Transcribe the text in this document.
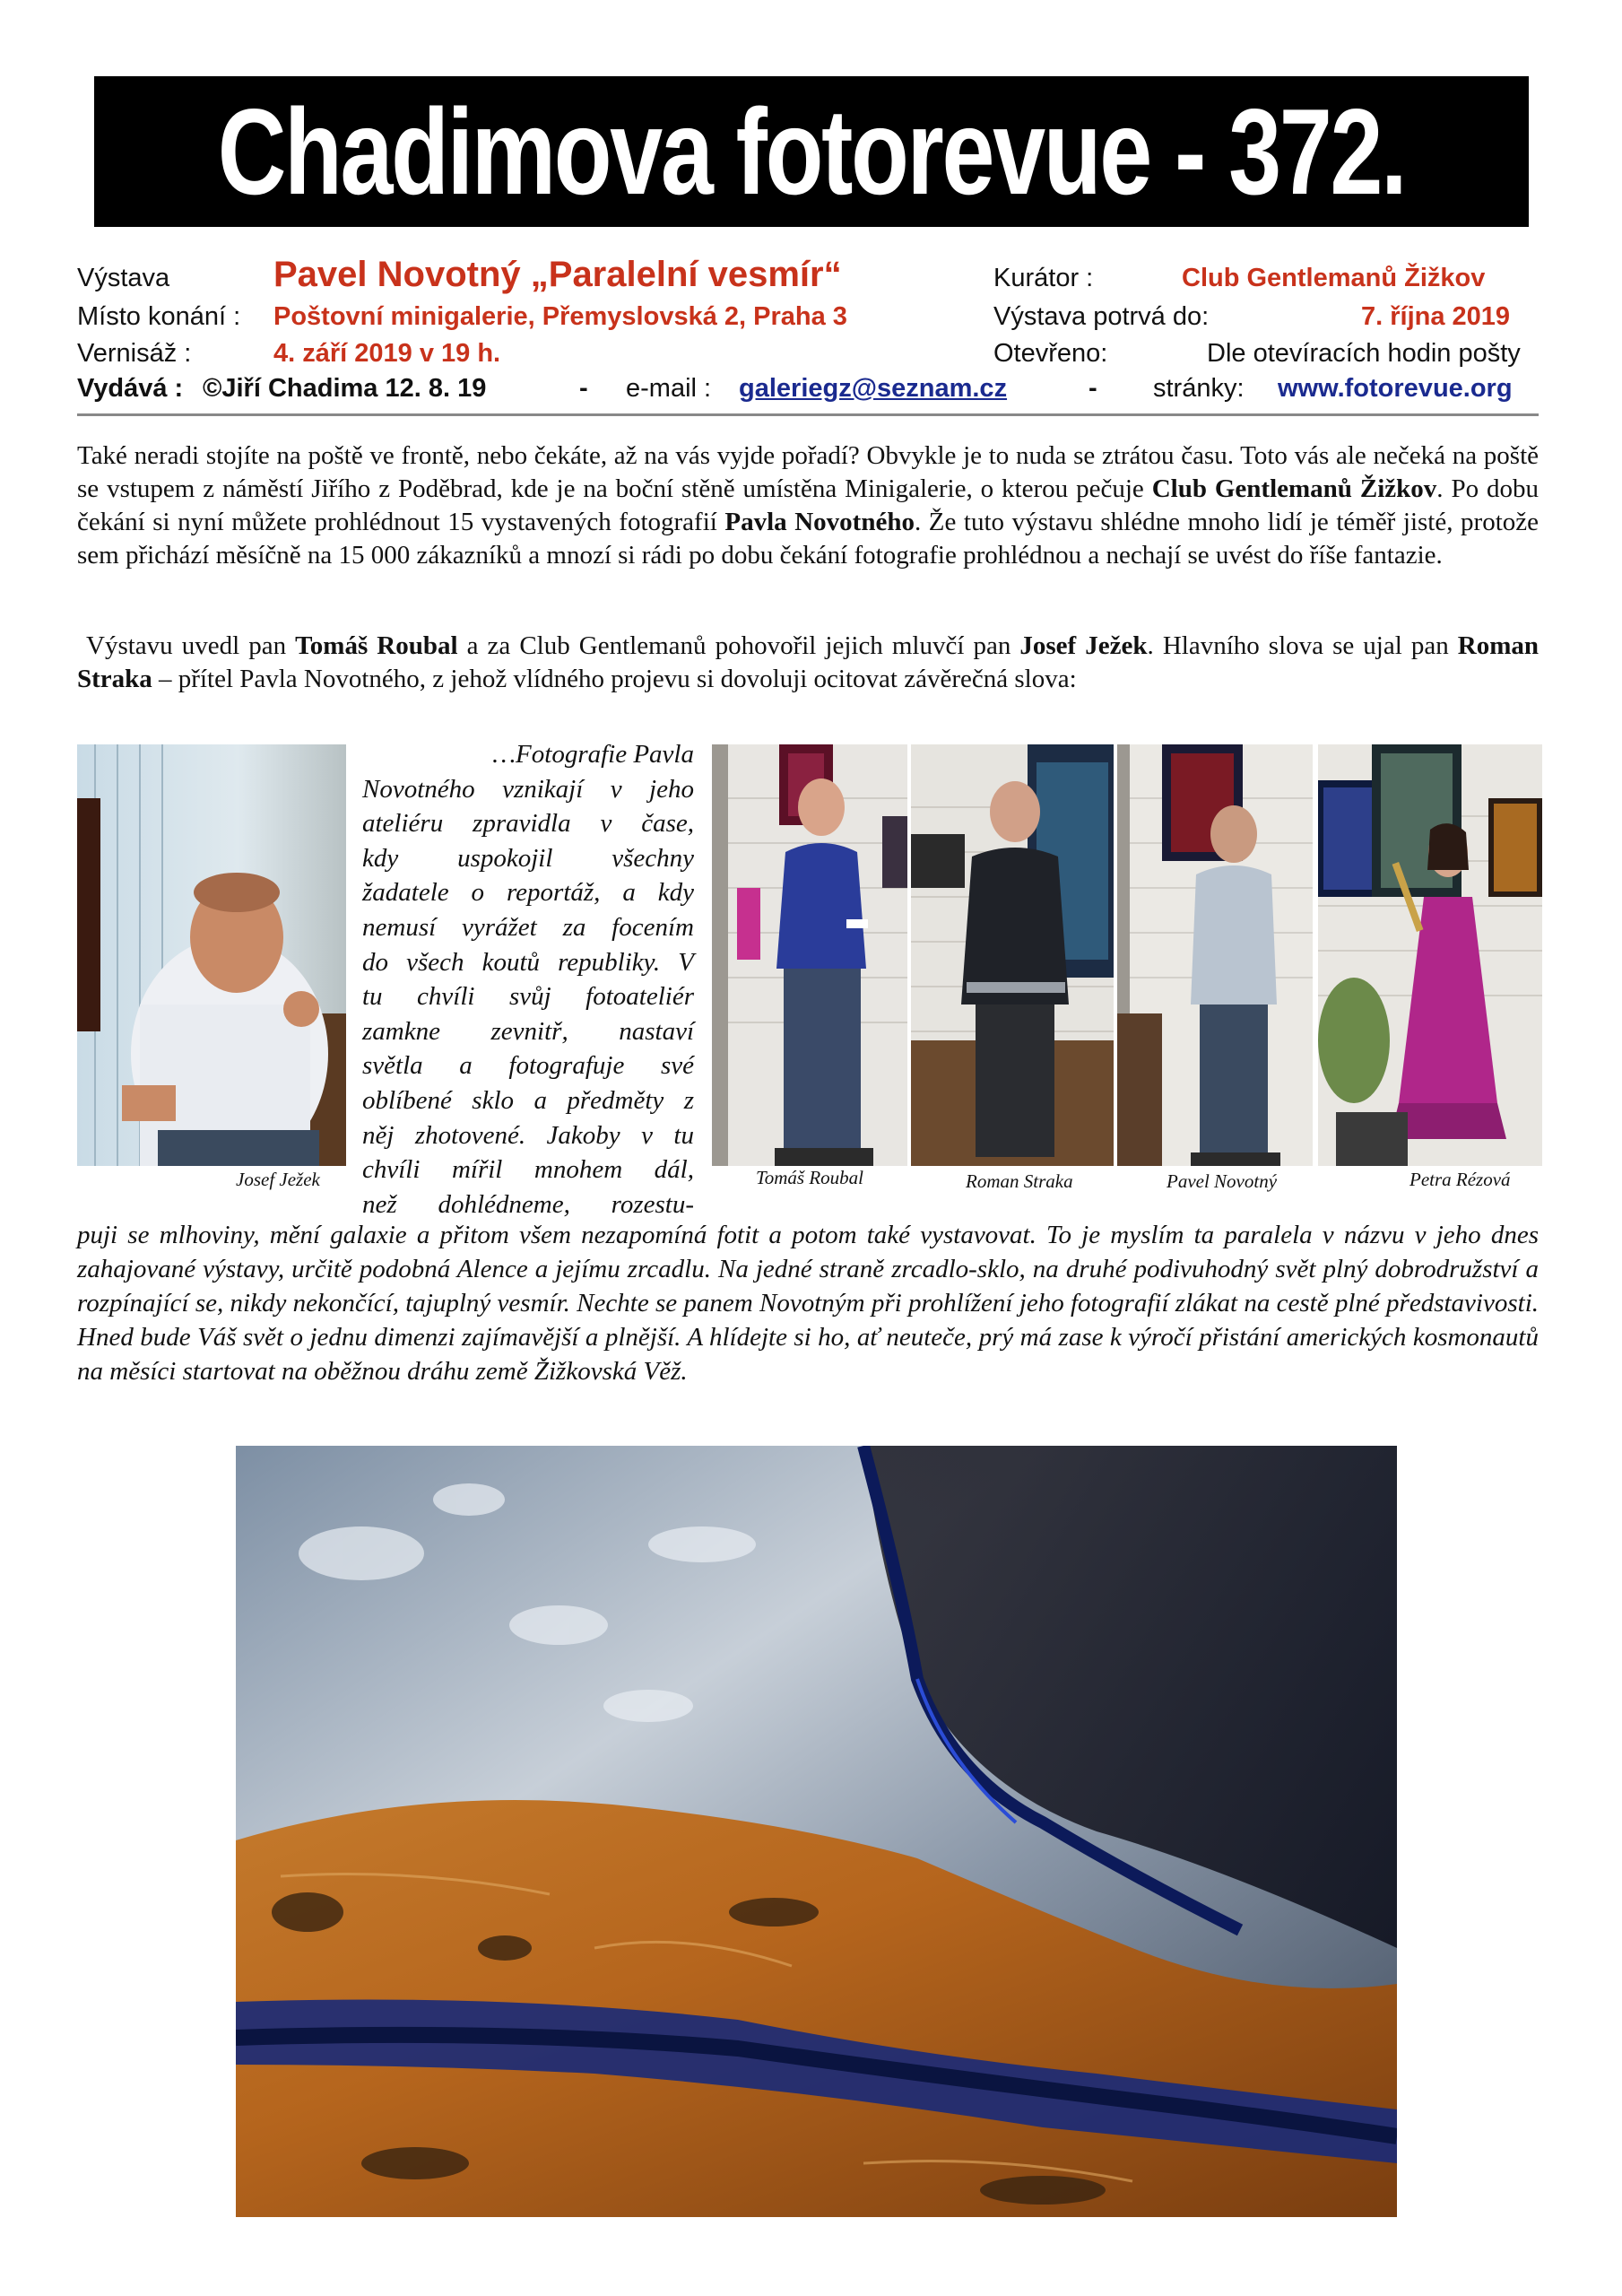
Chadimova fotorevue - 372.
Výstava	Pavel Novotný „Paralelní vesmír“	Kurátor :	Club Gentlemanů Žižkov
Místo konání : Poštovní minigalerie, Přemyslovská 2, Praha 3	Výstava potrvá do:	7. října 2019
Vernisáž :	4. září 2019 v 19 h.	Otevřeno:	Dle otevíracích hodin pošty
Vydává : ©Jiří Chadima 12. 8. 19	- e-mail : galeriegz@seznam.cz	- stránky: www.fotorevue.org
Také neradi stojíte na poště ve frontě, nebo čekáte, až na vás vyjde pořadí? Obvykle je to nuda se ztrátou času. Toto vás ale nečeká na poště se vstupem z náměstí Jiřího z Poděbrad, kde je na boční stěně umístěna Minigalerie, o kterou pečuje Club Gentlemanů Žižkov. Po dobu čekání si nyní můžete prohlédnout 15 vystavených fotografií Pavla Novotného. Že tuto výstavu shlédne mnoho lidí je téměř jisté, protože sem přichází měsíčně na 15 000 zákazníků a mnozí si rádi po dobu čekání fotografie prohlédnou a nechají se uvést do říše fantazie.
Výstavu uvedl pan Tomáš Roubal a za Club Gentlemanů pohovořil jejich mluvčí pan Josef Ježek. Hlavního slova se ujal pan Roman Straka – přítel Pavla Novotného, z jehož vlídného projevu si dovoluji ocitovat závěrečná slova:
Josef Ježek
…Fotografie Pavla
Novotného vznikají v jeho
ateliéru zpravidla v čase,
kdy uspokojil všechny
žadatele o reportáž, a kdy
nemusí vyrážet za focením
do všech koutů republiky. V
tu chvíli svůj fotoateliér
zamkne zevnitř, nastaví
světla a fotografuje své
oblíbené sklo a předměty z
něj zhotovené. Jakoby v tu
chvíli mířil mnohem dál,
než dohlédneme, rozestu-
Tomáš Roubal	Roman Straka	Pavel Novotný	Petra Rézová
puji se mlhoviny, mění galaxie a přitom všem nezapomíná fotit a potom také vystavovat. To je myslím ta paralela v názvu v jeho dnes zahajované výstavy, určitě podobná Alence a jejímu zrcadlu. Na jedné straně zrcadlo-sklo, na druhé podivuhodný svět plný dobrodružství a rozpínající se, nikdy nekončící, tajuplný vesmír. Nechte se panem Novotným při prohlížení jeho fotografií zlákat na cestě plné představivosti. Hned bude Váš svět o jednu dimenzi zajímavější a plnější. A hlídejte si ho, ať neuteče, prý má zase k výročí přistání amerických kosmonautů na měsíci startovat na oběžnou dráhu země Žižkovská Věž.
